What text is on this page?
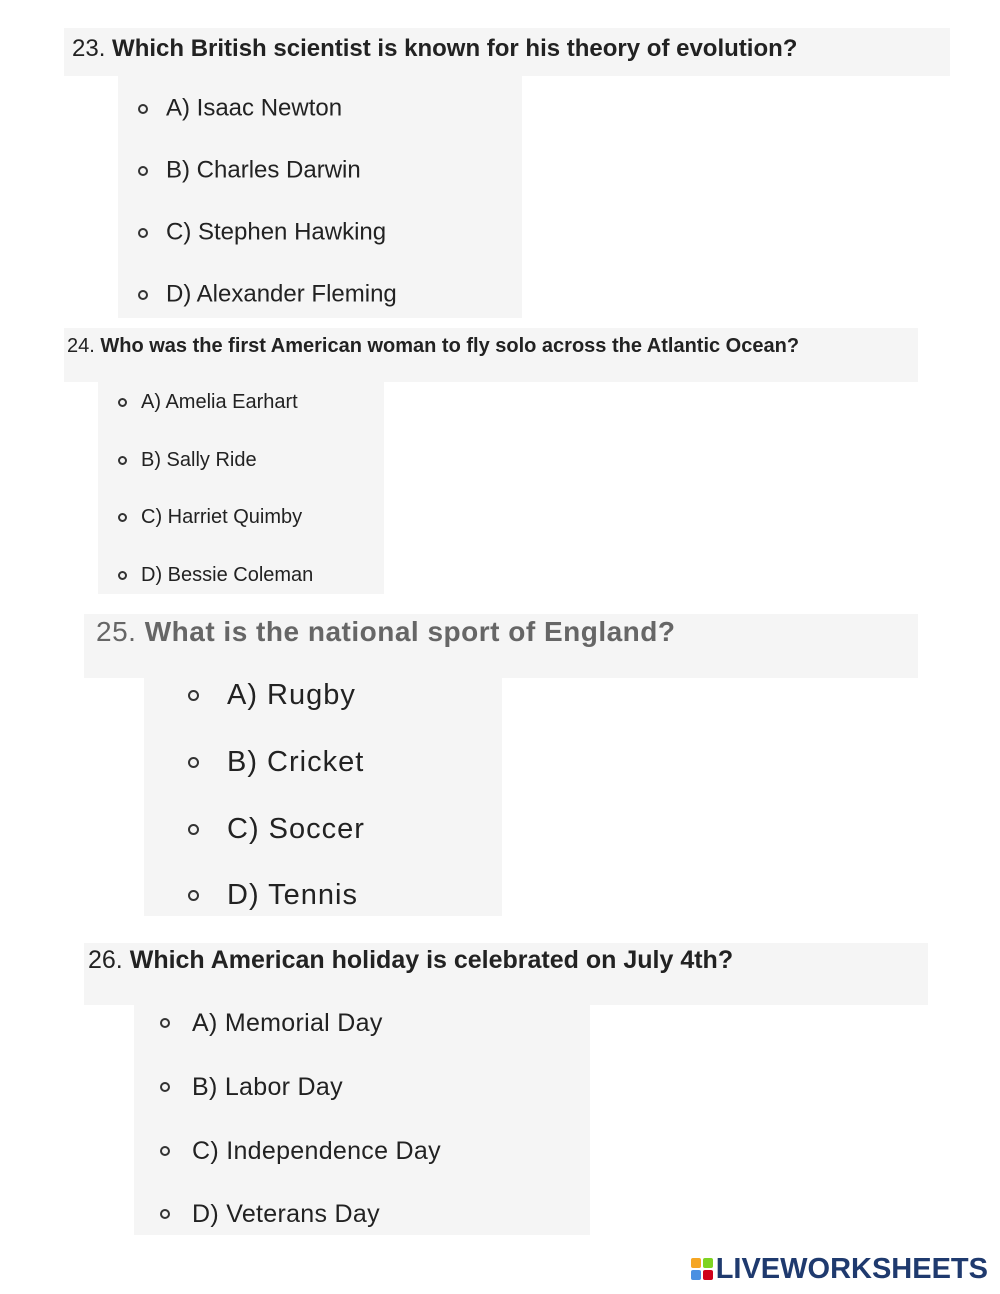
23. Which British scientist is known for his theory of evolution?
A) Isaac Newton
B) Charles Darwin
C) Stephen Hawking
D) Alexander Fleming
24. Who was the first American woman to fly solo across the Atlantic Ocean?
A) Amelia Earhart
B) Sally Ride
C) Harriet Quimby
D) Bessie Coleman
25. What is the national sport of England?
A) Rugby
B) Cricket
C) Soccer
D) Tennis
26. Which American holiday is celebrated on July 4th?
A) Memorial Day
B) Labor Day
C) Independence Day
D) Veterans Day
LIVEWORKSHEETS
